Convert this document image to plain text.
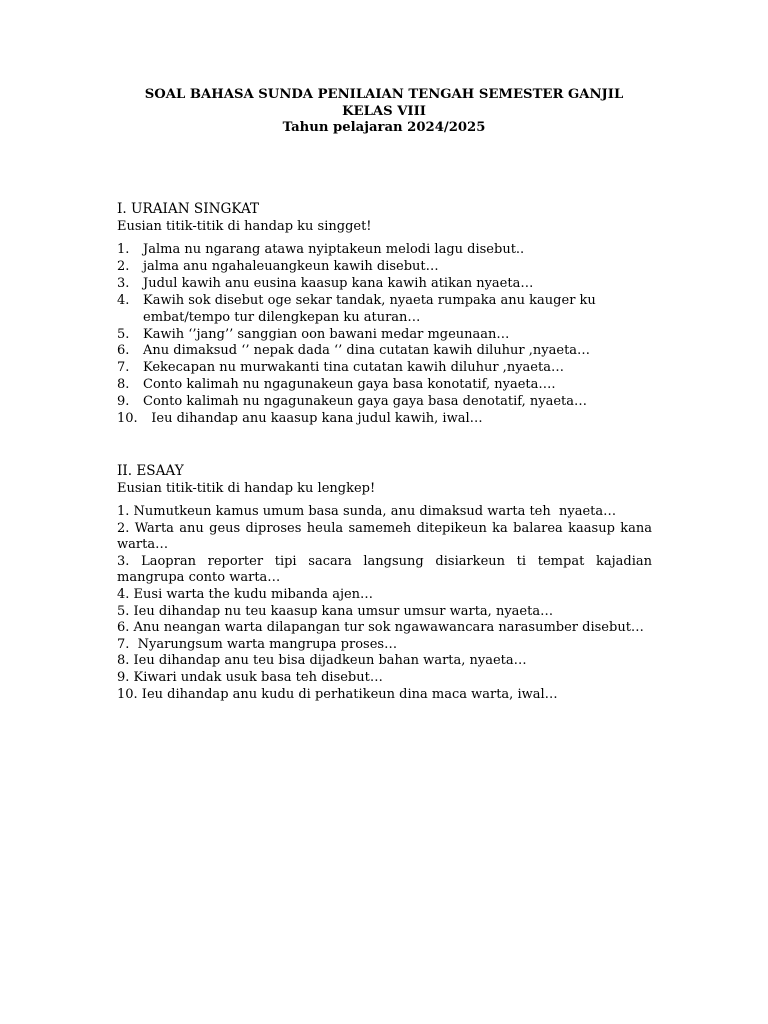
SOAL BAHASA SUNDA PENILAIAN TENGAH SEMESTER GANJIL
KELAS VIII
Tahun pelajaran 2024/2025
I. URAIAN SINGKAT
Eusian titik-titik di handap ku singget!
1. Jalma nu ngarang atawa nyiptakeun melodi lagu disebut..
2. jalma anu ngahaleuangkeun kawih disebut…
3. Judul kawih anu eusina kaasup kana kawih atikan nyaeta…
4. Kawih sok disebut oge sekar tandak, nyaeta rumpaka anu kauger ku embat/tempo tur dilengkepan ku aturan…
5. Kawih ‘’jang’’ sanggian oon bawani medar mgeunaan…
6. Anu dimaksud ‘’ nepak dada ‘’ dina cutatan kawih diluhur ,nyaeta…
7. Kekecapan nu murwakanti tina cutatan kawih diluhur ,nyaeta…
8. Conto kalimah nu ngagunakeun gaya basa konotatif, nyaeta….
9. Conto kalimah nu ngagunakeun gaya gaya basa denotatif, nyaeta…
10. Ieu dihandap anu kaasup kana judul kawih, iwal…
II. ESAAY
Eusian titik-titik di handap ku lengkep!
1. Numutkeun kamus umum basa sunda, anu dimaksud warta teh  nyaeta…
2. Warta anu geus diproses heula samemeh ditepikeun ka balarea kaasup kana warta…
3. Laopran reporter tipi sacara langsung disiarkeun ti tempat kajadian mangrupa conto warta…
4. Eusi warta the kudu mibanda ajen…
5. Ieu dihandap nu teu kaasup kana umsur umsur warta, nyaeta…
6. Anu neangan warta dilapangan tur sok ngawawancara narasumber disebut…
7.  Nyarungsum warta mangrupa proses…
8. Ieu dihandap anu teu bisa dijadkeun bahan warta, nyaeta…
9. Kiwari undak usuk basa teh disebut…
10. Ieu dihandap anu kudu di perhatikeun dina maca warta, iwal…
